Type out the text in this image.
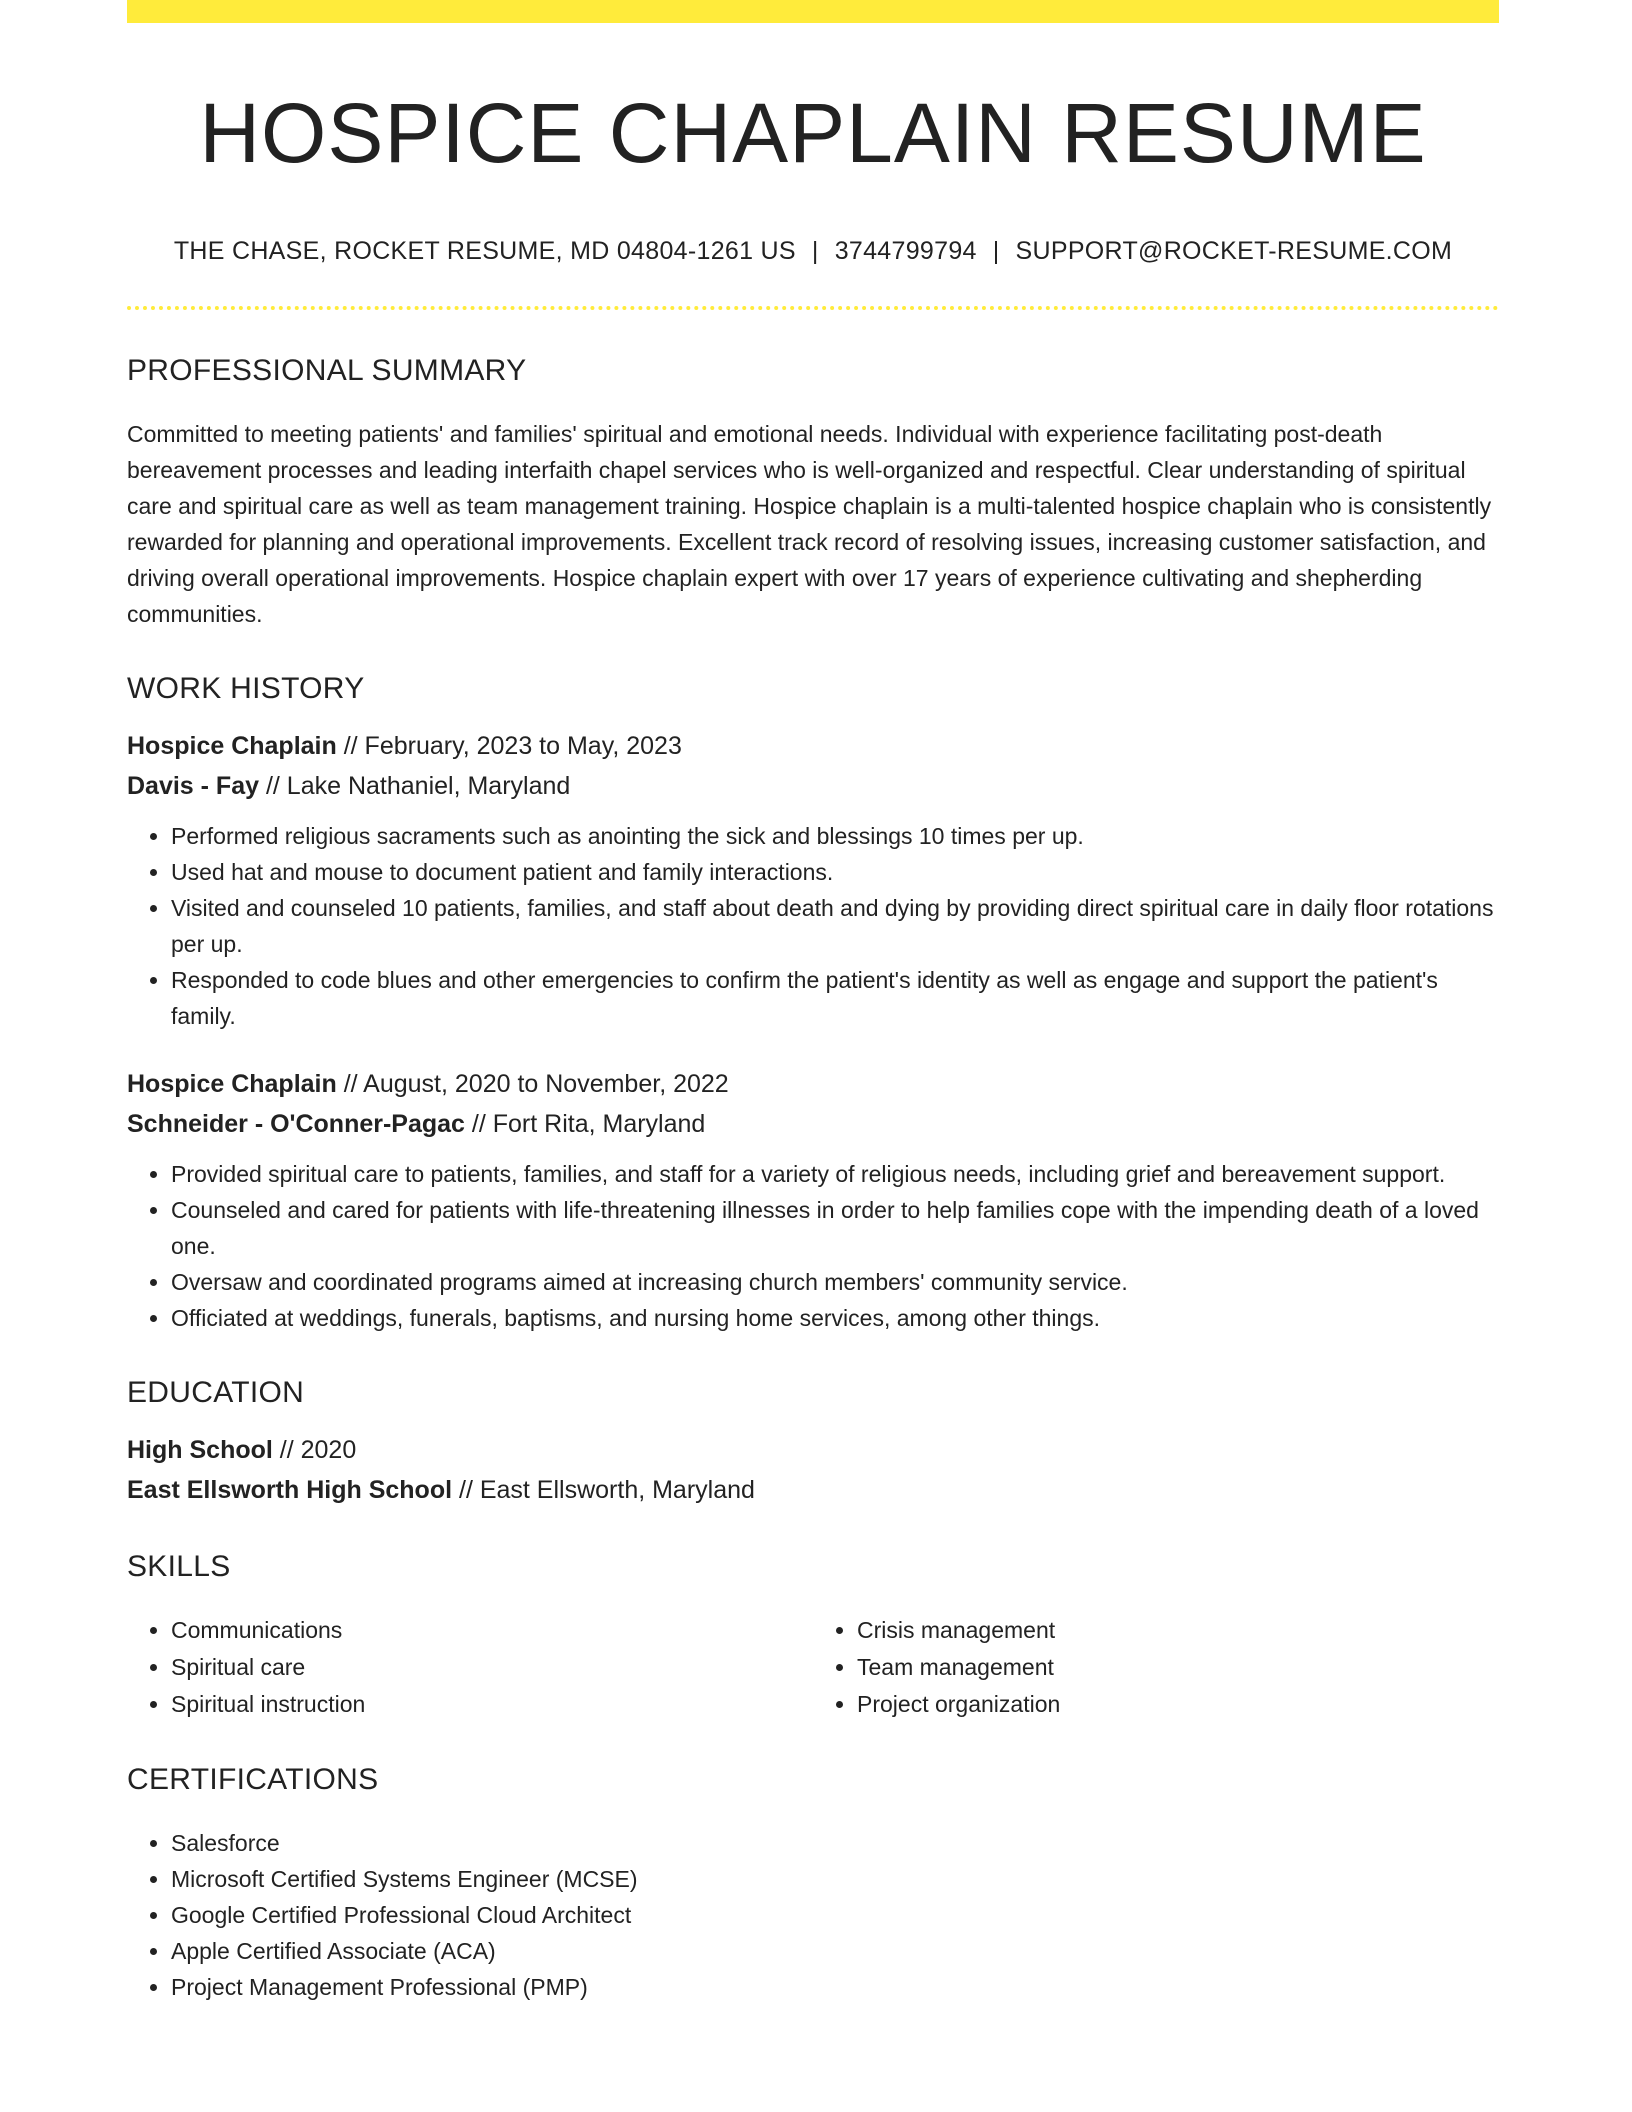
HOSPICE CHAPLAIN RESUME
THE CHASE, ROCKET RESUME, MD 04804-1261 US | 3744799794 | SUPPORT@ROCKET-RESUME.COM
PROFESSIONAL SUMMARY

Committed to meeting patients' and families' spiritual and emotional needs. Individual with experience facilitating post-death bereavement processes and leading interfaith chapel services who is well-organized and respectful. Clear understanding of spiritual care and spiritual care as well as team management training. Hospice chaplain is a multi-talented hospice chaplain who is consistently rewarded for planning and operational improvements. Excellent track record of resolving issues, increasing customer satisfaction, and driving overall operational improvements. Hospice chaplain expert with over 17 years of experience cultivating and shepherding communities.

WORK HISTORY

Hospice Chaplain // February, 2023 to May, 2023

Davis - Fay // Lake Nathaniel, Maryland

• Performed religious sacraments such as anointing the sick and blessings 10 times per up.
• Used hat and mouse to document patient and family interactions.
• Visited and counseled 10 patients, families, and staff about death and dying by providing direct spiritual care in daily floor rotations per up.
• Responded to code blues and other emergencies to confirm the patient's identity as well as engage and support the patient's family.

Hospice Chaplain // August, 2020 to November, 2022

Schneider - O'Conner-Pagac // Fort Rita, Maryland

• Provided spiritual care to patients, families, and staff for a variety of religious needs, including grief and bereavement support.
• Counseled and cared for patients with life-threatening illnesses in order to help families cope with the impending death of a loved one.
• Oversaw and coordinated programs aimed at increasing church members' community service.
• Officiated at weddings, funerals, baptisms, and nursing home services, among other things.
EDUCATION

High School // 2020

East Ellsworth High School // East Ellsworth, Maryland

SKILLS
• Communications
• Spiritual care
• Spiritual instruction
• Crisis management
• Team management
• Project organization
CERTIFICATIONS
• Salesforce
• Microsoft Certified Systems Engineer (MCSE)
• Google Certified Professional Cloud Architect
• Apple Certified Associate (ACA)
• Project Management Professional (PMP)
